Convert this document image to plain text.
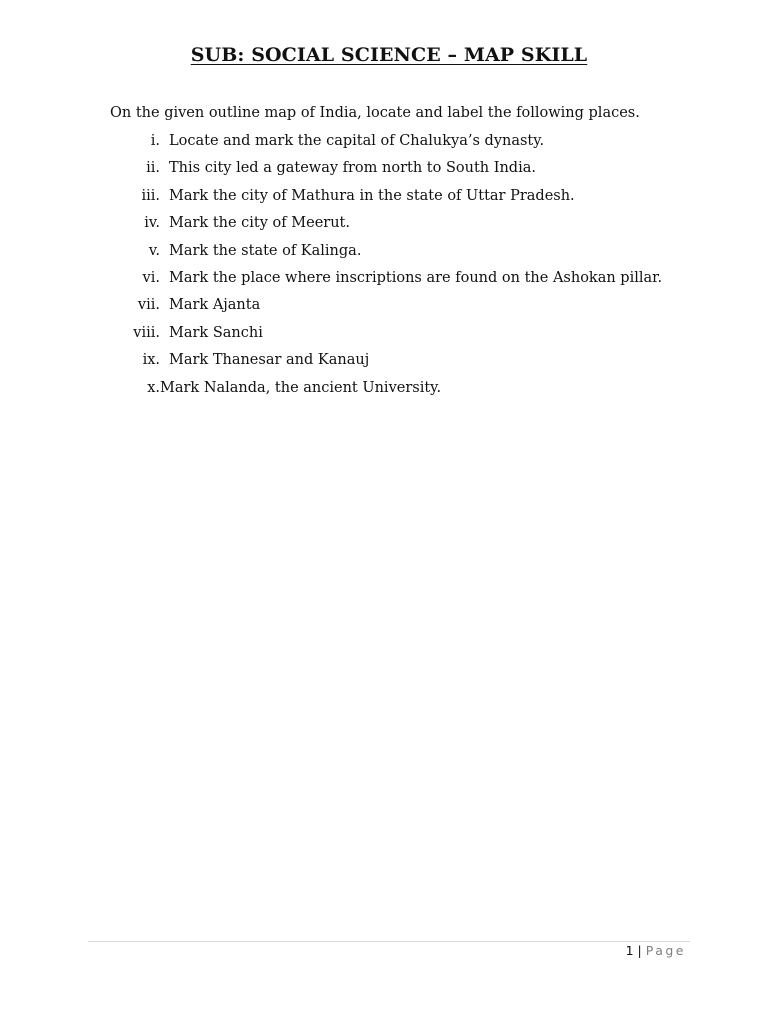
SUB: SOCIAL SCIENCE – MAP SKILL
On the given outline map of India, locate and label the following places.
i. Locate and mark the capital of Chalukya’s dynasty.
ii. This city led a gateway from north to South India.
iii. Mark the city of Mathura in the state of Uttar Pradesh.
iv. Mark the city of Meerut.
v. Mark the state of Kalinga.
vi. Mark the place where inscriptions are found on the Ashokan pillar.
vii. Mark Ajanta
viii. Mark Sanchi
ix. Mark Thanesar and Kanauj
x. Mark Nalanda, the ancient University.
1 | Page
